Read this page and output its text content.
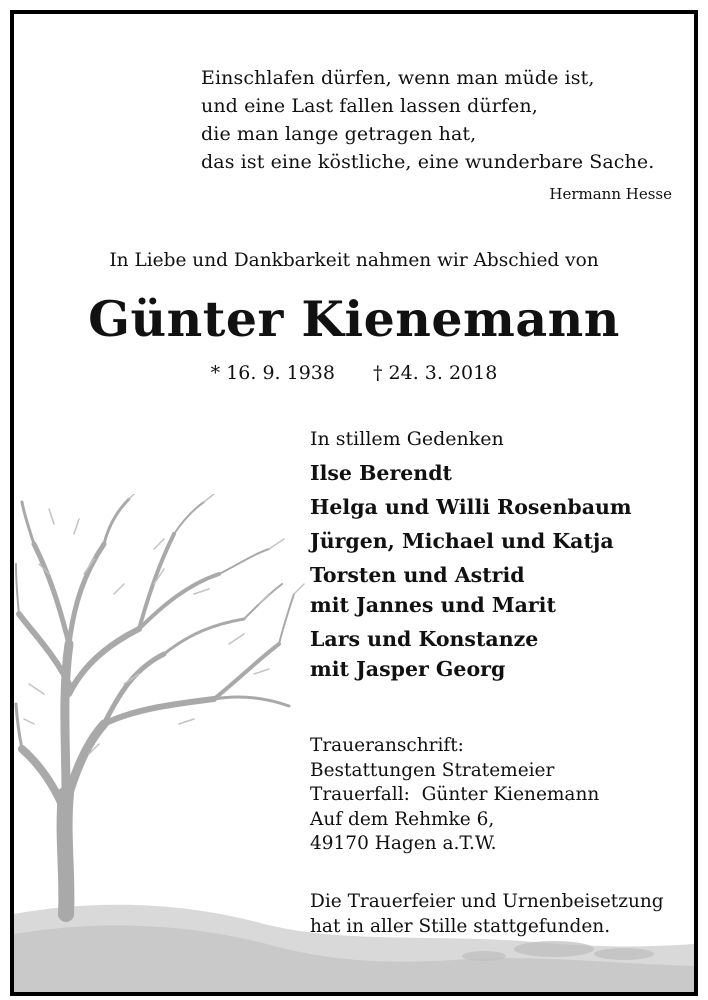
Einschlafen dürfen, wenn man müde ist,
und eine Last fallen lassen dürfen,
die man lange getragen hat,
das ist eine köstliche, eine wunderbare Sache.
Hermann Hesse
In Liebe und Dankbarkeit nahmen wir Abschied von
Günter Kienemann
* 16. 9. 1938 † 24. 3. 2018
In stillem Gedenken
Ilse Berendt
Helga und Willi Rosenbaum
Jürgen, Michael und Katja
Torsten und Astrid
mit Jannes und Marit
Lars und Konstanze
mit Jasper Georg
Traueranschrift:
Bestattungen Stratemeier
Trauerfall:  Günter Kienemann
Auf dem Rehmke 6,
49170 Hagen a.T.W.
Die Trauerfeier und Urnenbeisetzung
hat in aller Stille stattgefunden.
